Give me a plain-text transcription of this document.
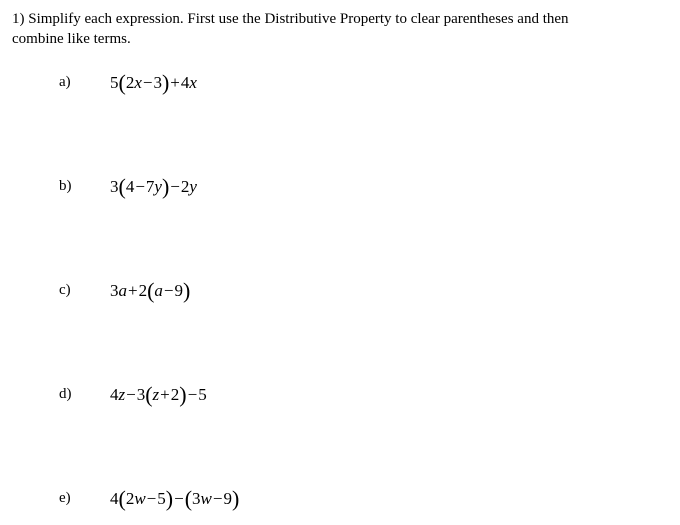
1) Simplify each expression. First use the Distributive Property to clear parentheses and then
combine like terms.
a) 5(2x−3)+4x
b) 3(4−7y)−2y
c) 3a+2(a−9)
d) 4z−3(z+2)−5
e) 4(2w−5)−(3w−9)
